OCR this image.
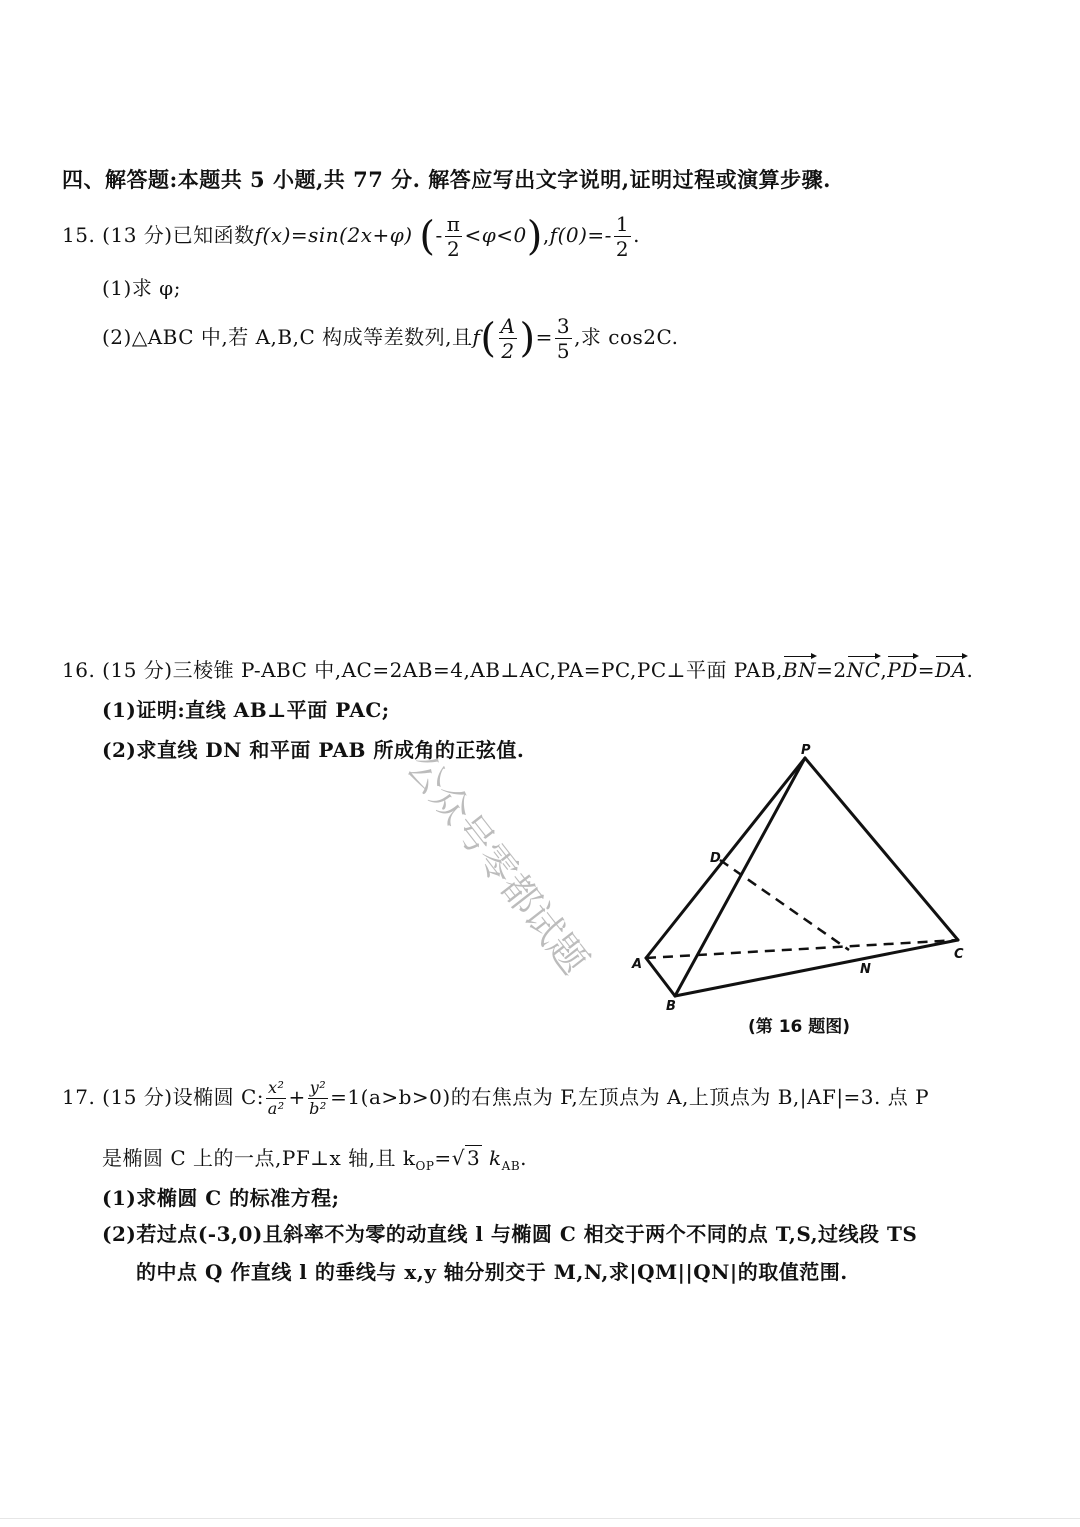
四、解答题:本题共 5 小题,共 77 分. 解答应写出文字说明,证明过程或演算步骤.
15. (13 分)已知函数f(x)=sin(2x+φ) (- $\frac{\pi}{2} <\varphi<0),f(0)=- \frac{1}{2}$ .
(1)求 φ;
(2)△ABC 中,若 A,B,C 构成等差数列,且$f( \frac{A}{2}$ )= $\frac{3}{5}$ ,求 cos2C.
16. (15 分)三棱锥 P-ABC 中,AC=2AB=4,AB⊥AC,PA=PC,PC⊥平面 PAB,BN=2NC,PD=DA.
(1)证明:直线 AB⊥平面 PAC;
(2)求直线 DN 和平面 PAB 所成角的正弦值.	P
D
A
B
N
C
(第 16 题图)
17. (15 分)设椭圆 C: $\frac{\text{x²}}{\text{a²}} + \frac{\text{y²}}{\text{b²}} =1(a>b>0)$的右焦点为 F,左顶点为 A,上顶点为 B,|AF|=3. 点 P
是椭圆 C 上的一点,PF⊥x 轴,且 $k_{OP}=√$ 3 $k_{AB}$.
(1)求椭圆 C 的标准方程;
(2)若过点(-3,0)且斜率不为零的动直线 l 与椭圆 C 相交于两个不同的点 T,S,过线段 TS
的中点 Q 作直线 l 的垂线与 x,y 轴分别交于 M,N,求|QM||QN|的取值范围.
公众号零都试题
